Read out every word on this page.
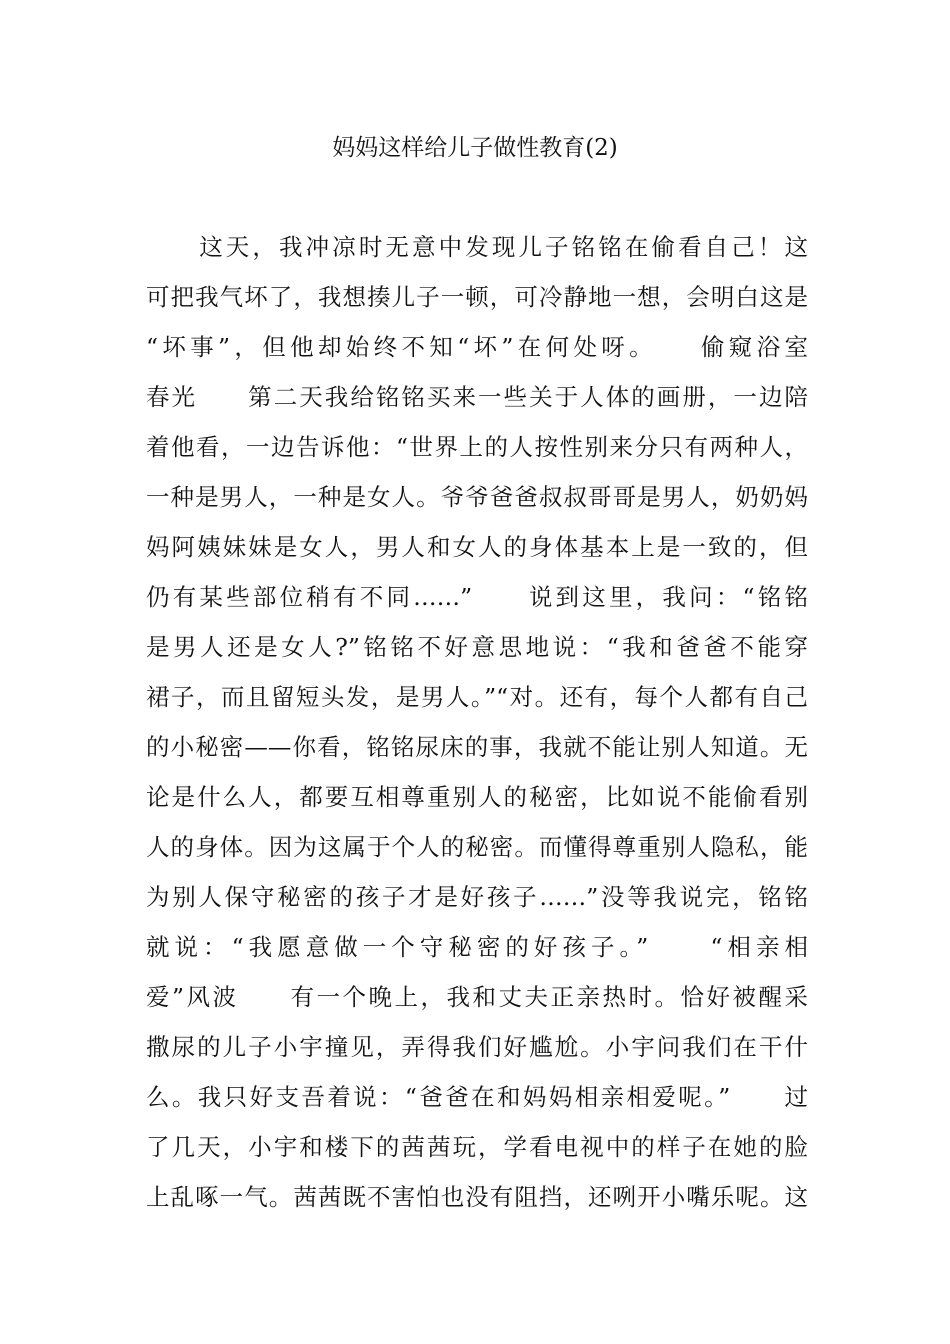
妈妈这样给儿子做性教育(2)
　　这天，我冲凉时无意中发现儿子铭铭在偷看自己！这
可把我气坏了，我想揍儿子一顿，可冷静地一想，会明白这是
“坏事”，但他却始终不知“坏”在何处呀。　　偷窥浴室
春光　　第二天我给铭铭买来一些关于人体的画册，一边陪
着他看，一边告诉他：“世界上的人按性别来分只有两种人，
一种是男人，一种是女人。爷爷爸爸叔叔哥哥是男人，奶奶妈
妈阿姨妹妹是女人，男人和女人的身体基本上是一致的，但
仍有某些部位稍有不同……”　　说到这里，我问：“铭铭
是男人还是女人?”铭铭不好意思地说：“我和爸爸不能穿
裙子，而且留短头发，是男人。”“对。还有，每个人都有自己
的小秘密——你看，铭铭尿床的事，我就不能让别人知道。无
论是什么人，都要互相尊重别人的秘密，比如说不能偷看别
人的身体。因为这属于个人的秘密。而懂得尊重别人隐私，能
为别人保守秘密的孩子才是好孩子……”没等我说完，铭铭
就说：“我愿意做一个守秘密的好孩子。”　　“相亲相
爱”风波　　有一个晚上，我和丈夫正亲热时。恰好被醒采
撒尿的儿子小宇撞见，弄得我们好尴尬。小宇问我们在干什
么。我只好支吾着说：“爸爸在和妈妈相亲相爱呢。”　　过
了几天，小宇和楼下的茜茜玩，学看电视中的样子在她的脸
上乱啄一气。茜茜既不害怕也没有阻挡，还咧开小嘴乐呢。这
